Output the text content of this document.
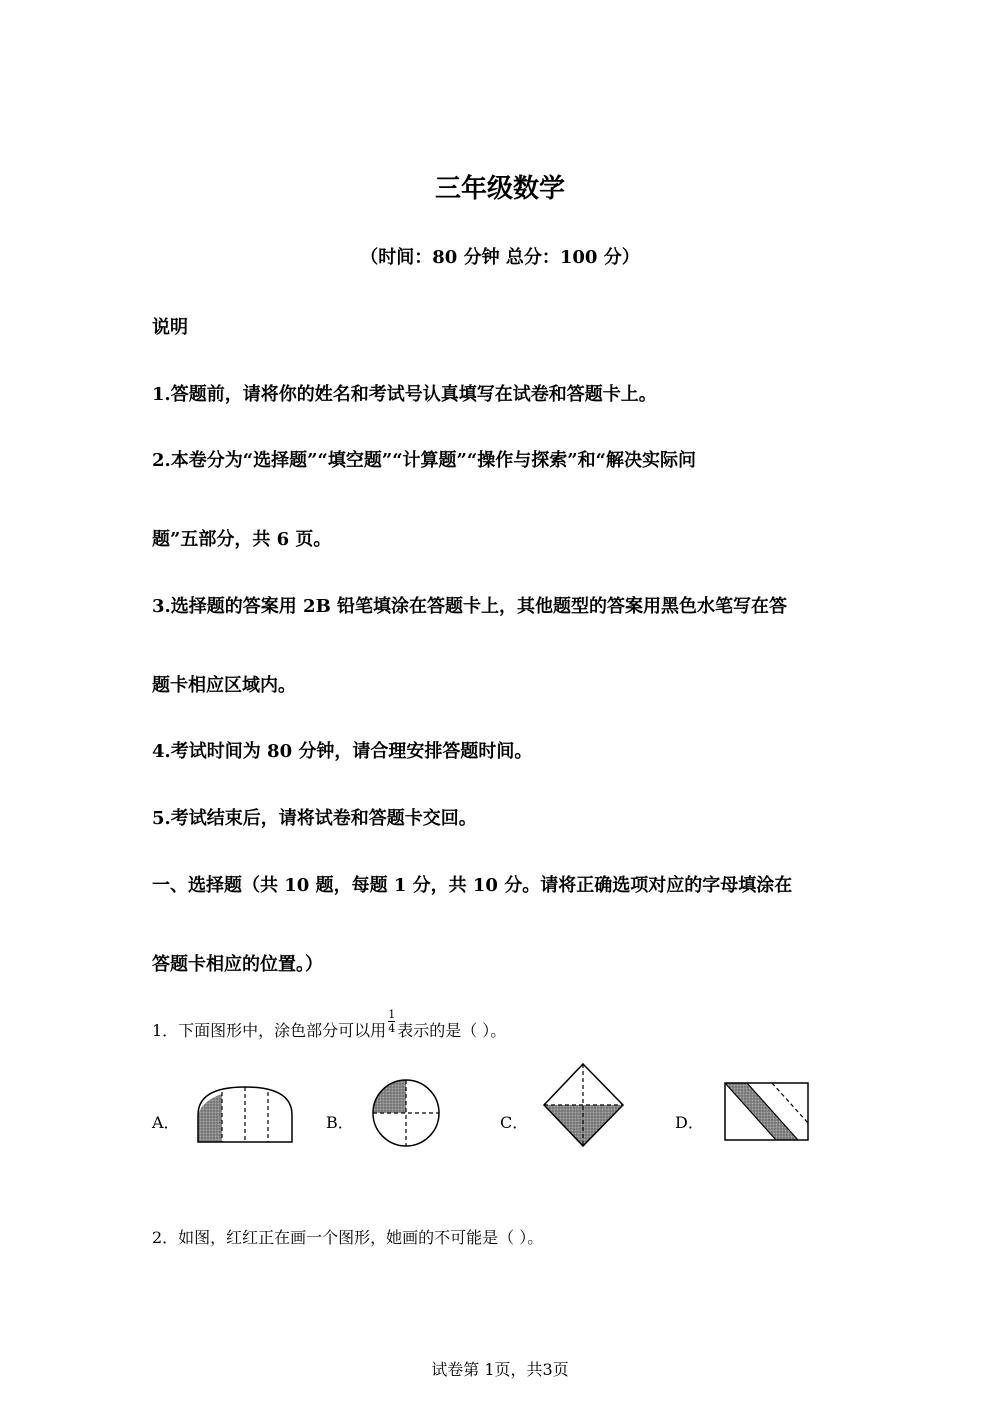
三年级数学
（时间：80 分钟 总分：100 分）
说明
1.答题前，请将你的姓名和考试号认真填写在试卷和答题卡上。
2.本卷分为“选择题”“填空题”“计算题”“操作与探索”和“解决实际问
题”五部分，共 6 页。
3.选择题的答案用 2B 铅笔填涂在答题卡上，其他题型的答案用黑色水笔写在答
题卡相应区域内。
4.考试时间为 80 分钟，请合理安排答题时间。
5.考试结束后，请将试卷和答题卡交回。
一、选择题（共 10 题，每题 1 分，共 10 分。请将正确选项对应的字母填涂在
答题卡相应的位置。）
1．下面图形中，涂色部分可以用 $\frac{1}{4}$ 表示的是（ ）。
A．	B．	C．	D．
2．如图，红红正在画一个图形，她画的不可能是（ ）。
试卷第 1页，共3页
